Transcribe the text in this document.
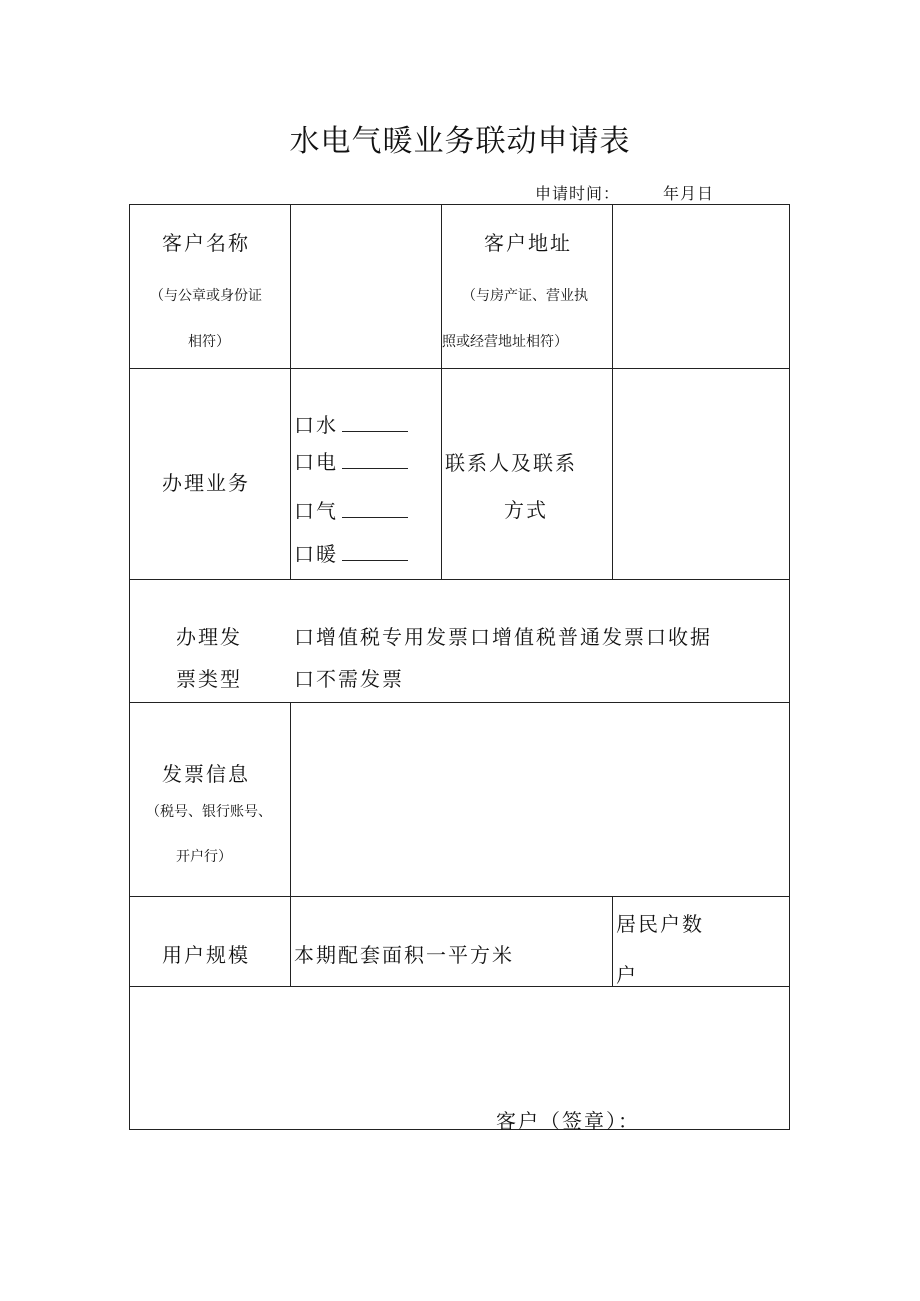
水电气暖业务联动申请表
申请时间：	年月日
客户名称
（与公章或身份证
相符）
客户地址
（与房产证、营业执
照或经营地址相符）
办理业务
口水
口电
口气
口暖
联系人及联系
方式
办理发
票类型
口增值税专用发票口增值税普通发票口收据
口不需发票
发票信息
（税号、银行账号、
开户行）
用户规模 本期配套面积一平方米
居民户数
户
客户（签章）：
